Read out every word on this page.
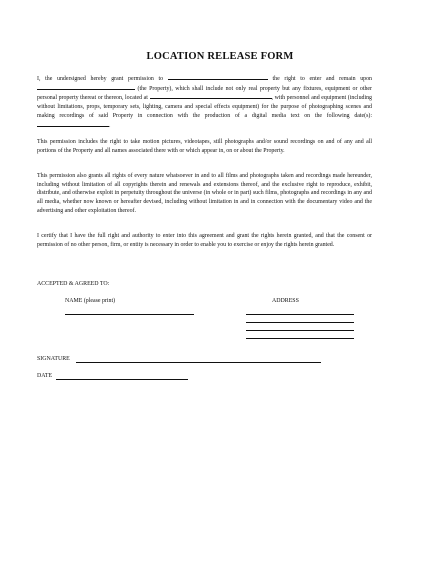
LOCATION RELEASE FORM
I, the undersigned hereby grant permission to	the right to enter and remain upon  (the Property), which shall include not only real property but any fixtures, equipment or other personal property thereat or thereon, located at	, with personnel and equipment (including without limitations, props, temporary sets, lighting, camera and special effects equipment) for the purpose of photographing scenes and making recordings of said Property in connection with the production of a digital media text on the following date(s): .
This permission includes the right to take motion pictures, videotapes, still photographs and/or sound recordings on and of any and all portions of the Property and all names associated there with or which appear in, on or about the Property.
This permission also grants all rights of every nature whatsoever in and to all films and photographs taken and recordings made hereunder, including without limitation of all copyrights therein and renewals and extensions thereof, and the exclusive right to reproduce, exhibit, distribute, and otherwise exploit in perpetuity throughout the universe (in whole or in part) such films, photographs and recordings in any and all media, whether now known or hereafter devised, including without limitation in and in connection with the documentary video and the advertising and other exploitation thereof.
I certify that I have the full right and authority to enter into this agreement and grant the rights herein granted, and that the consent or permission of no other person, firm, or entity is necessary in order to enable you to exercise or enjoy the rights herein granted.
ACCEPTED & AGREED TO:
NAME (please print)	ADDRESS
SIGNATURE
DATE
